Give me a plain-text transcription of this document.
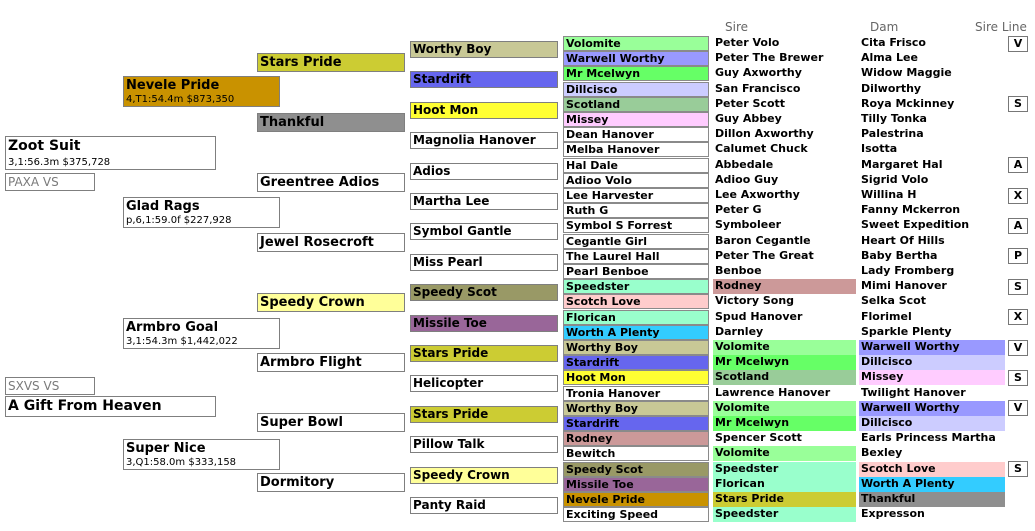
Zoot Suit
3,1:56.3m $375,728
PAXA VS
SXVS VS
A Gift From Heaven
Nevele Pride
4,T1:54.4m $873,350
Glad Rags
p,6,1:59.0f $227,928
Armbro Goal
3,1:54.3m $1,442,022
Super Nice
3,Q1:58.0m $333,158
Stars Pride
Thankful
Greentree Adios
Jewel Rosecroft
Speedy Crown
Armbro Flight
Super Bowl
Dormitory
Worthy Boy
Stardrift
Hoot Mon
Magnolia Hanover
Adios
Martha Lee
Symbol Gantle
Miss Pearl
Speedy Scot
Missile Toe
Stars Pride
Helicopter
Stars Pride
Pillow Talk
Speedy Crown
Panty Raid
Sire	Dam	Sire Line
Volomite	Peter Volo	Cita Frisco	V
Warwell Worthy	Peter The Brewer	Alma Lee
Mr Mcelwyn	Guy Axworthy	Widow Maggie
Dillcisco	San Francisco	Dilworthy
Scotland	Peter Scott	Roya Mckinney	S
Missey	Guy Abbey	Tilly Tonka
Dean Hanover	Dillon Axworthy	Palestrina
Melba Hanover	Calumet Chuck	Isotta
Hal Dale	Abbedale	Margaret Hal	A
Adioo Volo	Adioo Guy	Sigrid Volo
Lee Harvester	Lee Axworthy	Willina H	X
Ruth G	Peter G	Fanny Mckerron
Symbol S Forrest	Symboleer	Sweet Expedition	A
Cegantle Girl	Baron Cegantle	Heart Of Hills
The Laurel Hall	Peter The Great	Baby Bertha	P
Pearl Benboe	Benboe	Lady Fromberg
Speedster	Rodney	Mimi Hanover	S
Scotch Love	Victory Song	Selka Scot
Florican	Spud Hanover	Florimel	X
Worth A Plenty	Darnley	Sparkle Plenty
Worthy Boy	Volomite	Warwell Worthy	V
Stardrift	Mr Mcelwyn	Dillcisco
Hoot Mon	Scotland	Missey	S
Tronia Hanover	Lawrence Hanover	Twilight Hanover
Worthy Boy	Volomite	Warwell Worthy	V
Stardrift	Mr Mcelwyn	Dillcisco
Rodney	Spencer Scott	Earls Princess Martha
Bewitch	Volomite	Bexley
Speedy Scot	Speedster	Scotch Love	S
Missile Toe	Florican	Worth A Plenty
Nevele Pride	Stars Pride	Thankful
Exciting Speed	Speedster	Expresson
